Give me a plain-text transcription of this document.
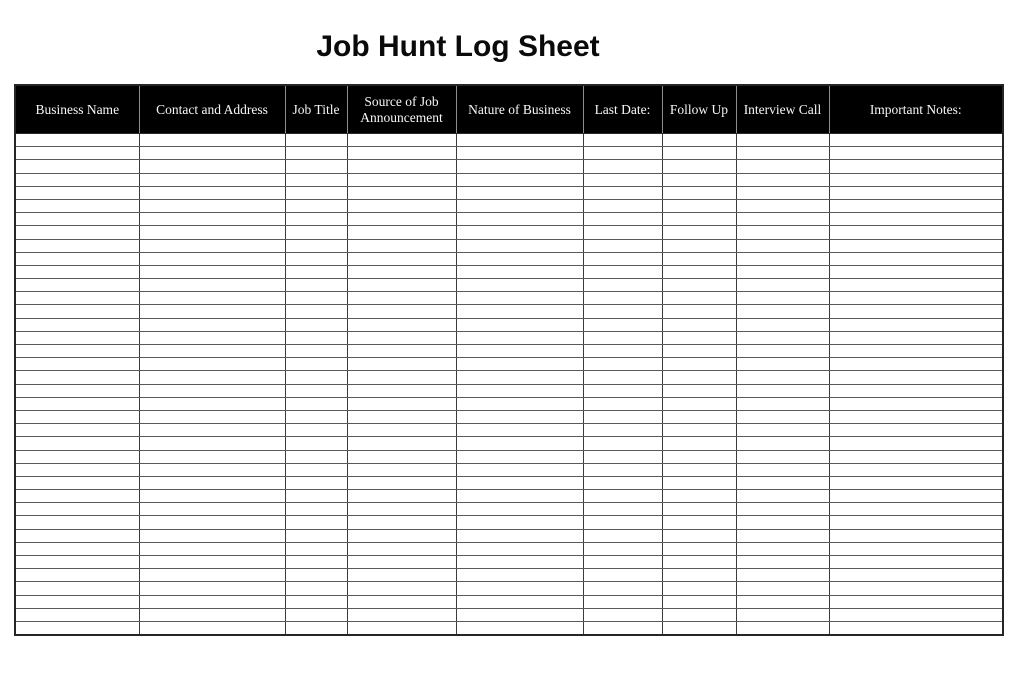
Job Hunt Log Sheet
Business Name	Contact and Address	Job Title	Source of Job Announcement	Nature of Business	Last Date:	Follow Up	Interview Call	Important Notes:
